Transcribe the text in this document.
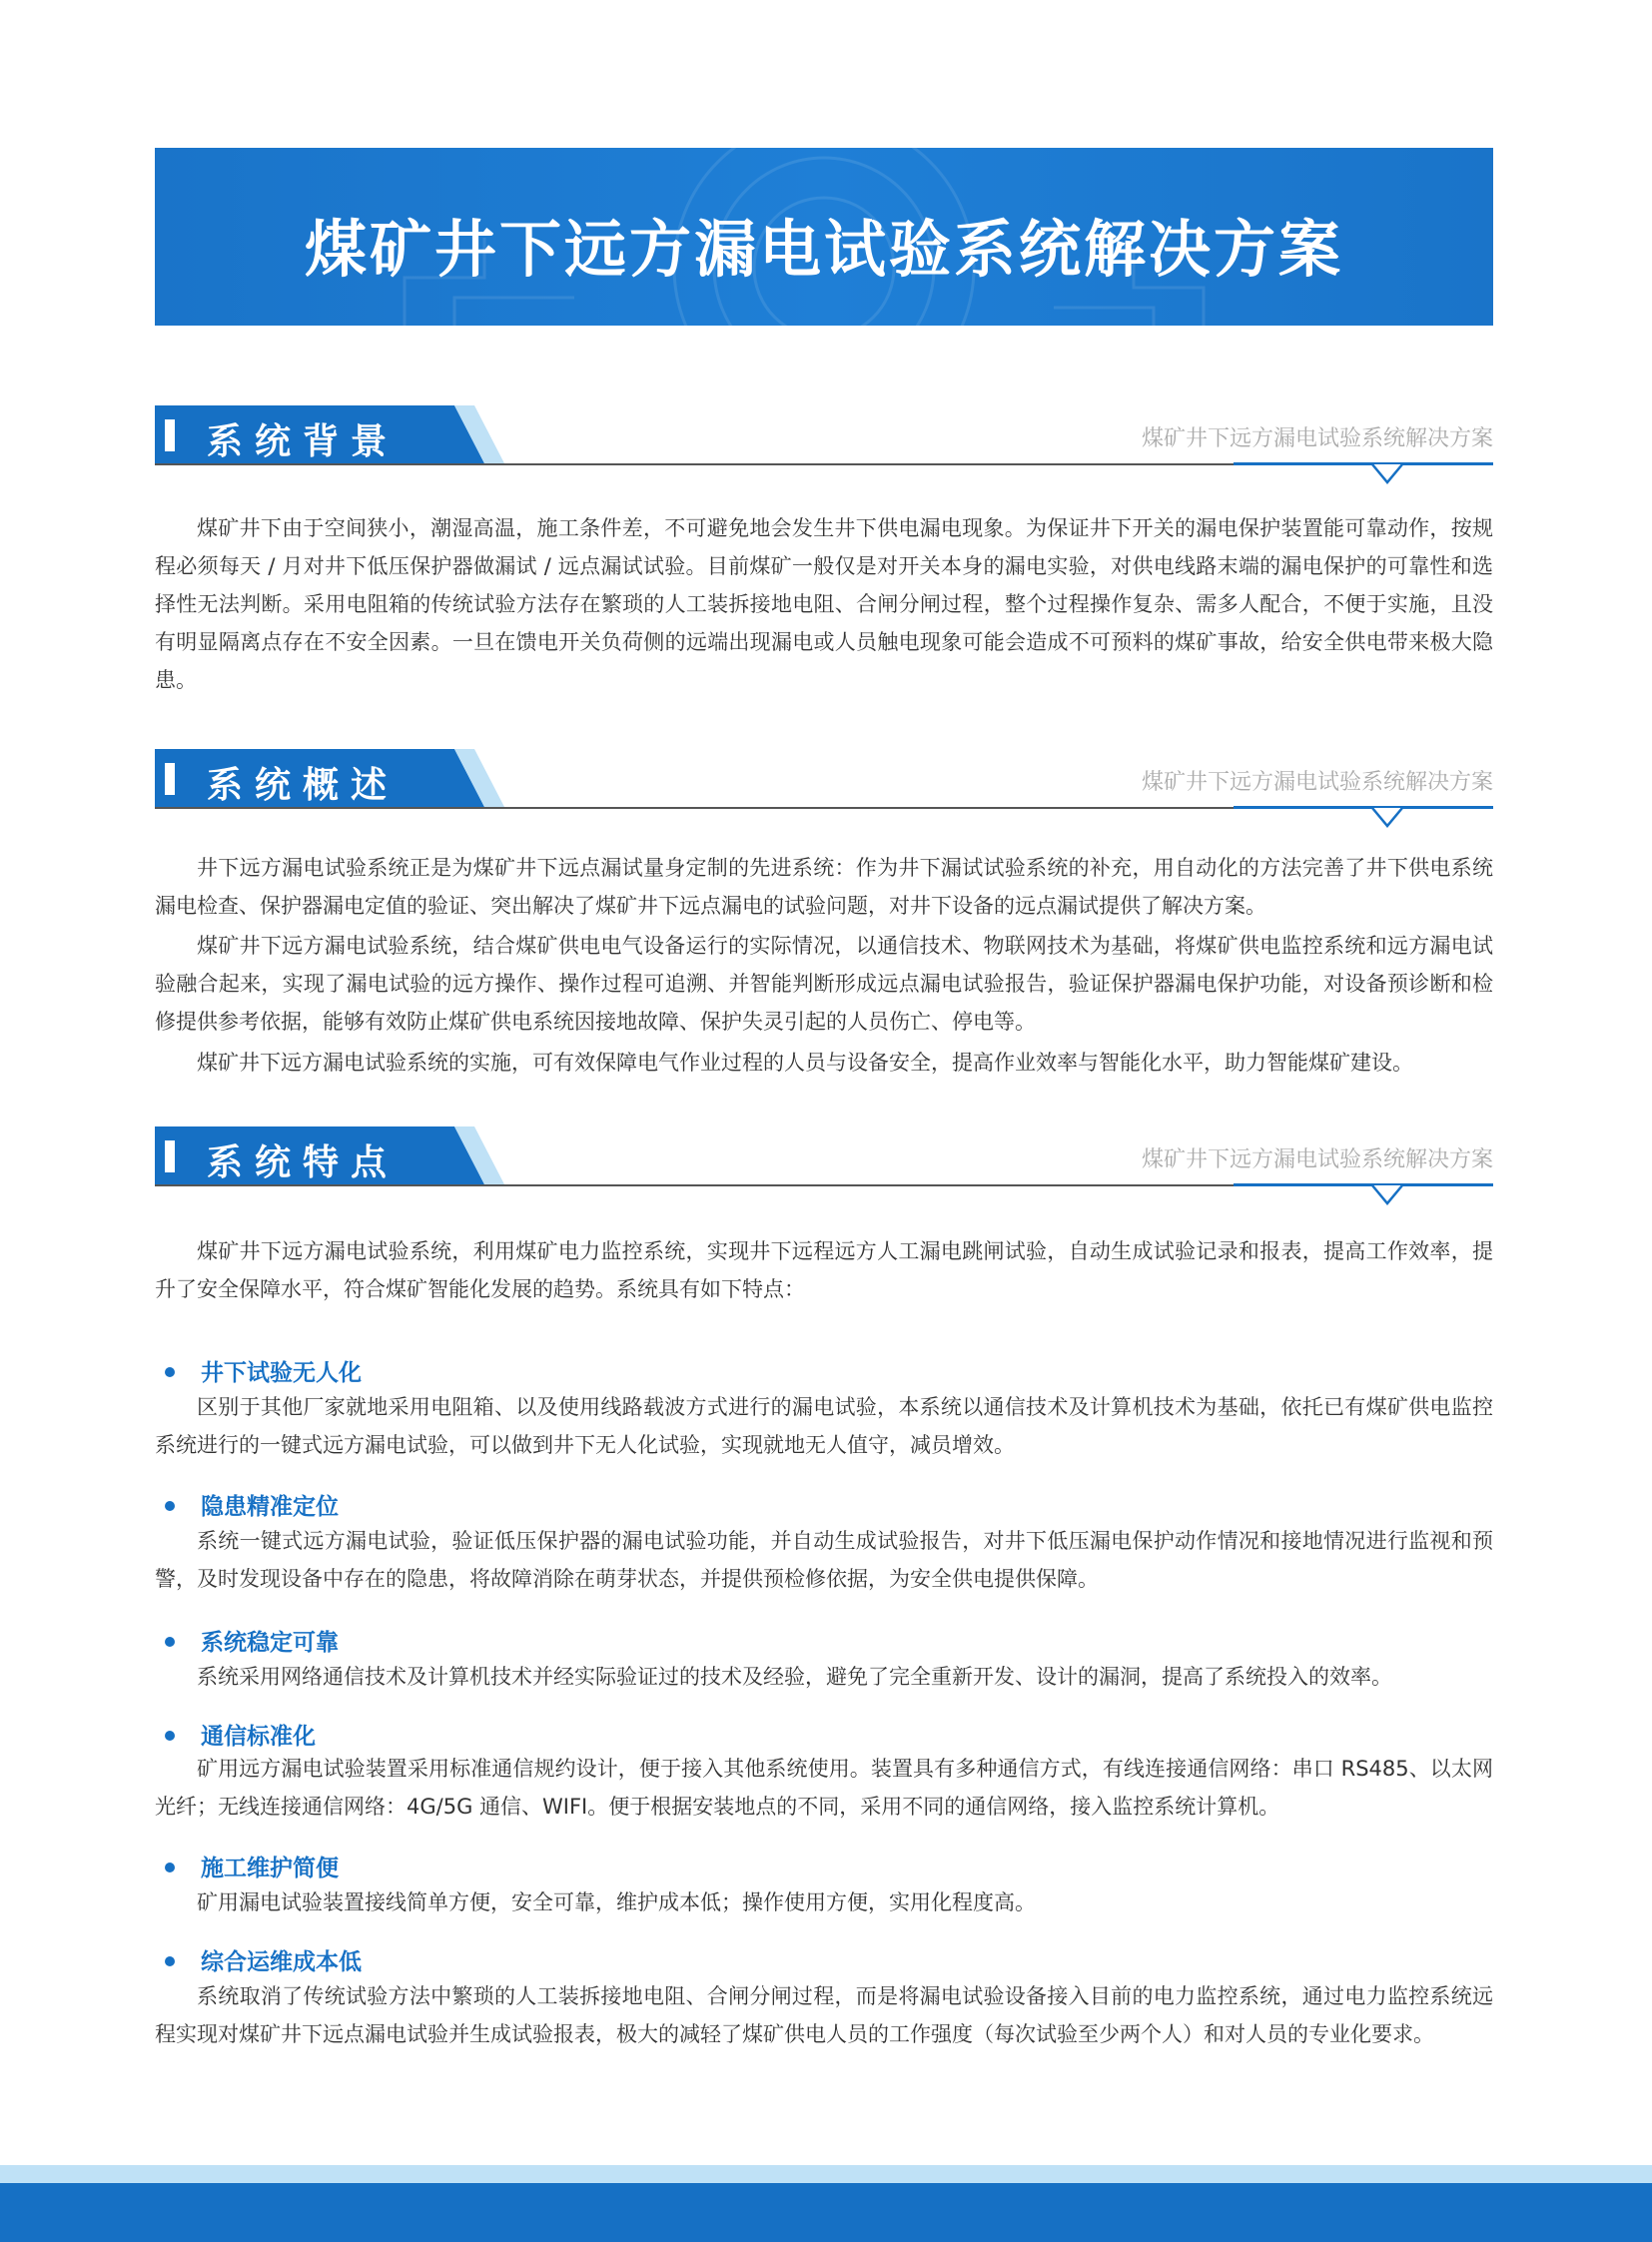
煤矿井下远方漏电试验系统解决方案
系统背景	煤矿井下远方漏电试验系统解决方案
煤矿井下由于空间狭小，潮湿高温，施工条件差，不可避免地会发生井下供电漏电现象。为保证井下开关的漏电保护装置能可靠动作，按规程必须每天 / 月对井下低压保护器做漏试 / 远点漏试试验。目前煤矿一般仅是对开关本身的漏电实验，对供电线路末端的漏电保护的可靠性和选择性无法判断。采用电阻箱的传统试验方法存在繁琐的人工装拆接地电阻、合闸分闸过程，整个过程操作复杂、需多人配合，不便于实施，且没有明显隔离点存在不安全因素。一旦在馈电开关负荷侧的远端出现漏电或人员触电现象可能会造成不可预料的煤矿事故，给安全供电带来极大隐患。
系统概述	煤矿井下远方漏电试验系统解决方案
井下远方漏电试验系统正是为煤矿井下远点漏试量身定制的先进系统：作为井下漏试试验系统的补充，用自动化的方法完善了井下供电系统漏电检查、保护器漏电定值的验证、突出解决了煤矿井下远点漏电的试验问题，对井下设备的远点漏试提供了解决方案。
煤矿井下远方漏电试验系统，结合煤矿供电电气设备运行的实际情况，以通信技术、物联网技术为基础，将煤矿供电监控系统和远方漏电试验融合起来，实现了漏电试验的远方操作、操作过程可追溯、并智能判断形成远点漏电试验报告，验证保护器漏电保护功能，对设备预诊断和检修提供参考依据，能够有效防止煤矿供电系统因接地故障、保护失灵引起的人员伤亡、停电等。
煤矿井下远方漏电试验系统的实施，可有效保障电气作业过程的人员与设备安全，提高作业效率与智能化水平，助力智能煤矿建设。
系统特点	煤矿井下远方漏电试验系统解决方案
煤矿井下远方漏电试验系统，利用煤矿电力监控系统，实现井下远程远方人工漏电跳闸试验，自动生成试验记录和报表，提高工作效率，提升了安全保障水平，符合煤矿智能化发展的趋势。系统具有如下特点：
井下试验无人化
区别于其他厂家就地采用电阻箱、以及使用线路载波方式进行的漏电试验，本系统以通信技术及计算机技术为基础，依托已有煤矿供电监控系统进行的一键式远方漏电试验，可以做到井下无人化试验，实现就地无人值守，减员增效。
隐患精准定位
系统一键式远方漏电试验，验证低压保护器的漏电试验功能，并自动生成试验报告，对井下低压漏电保护动作情况和接地情况进行监视和预警，及时发现设备中存在的隐患，将故障消除在萌芽状态，并提供预检修依据，为安全供电提供保障。
系统稳定可靠
系统采用网络通信技术及计算机技术并经实际验证过的技术及经验，避免了完全重新开发、设计的漏洞，提高了系统投入的效率。
通信标准化
矿用远方漏电试验装置采用标准通信规约设计，便于接入其他系统使用。装置具有多种通信方式，有线连接通信网络：串口 RS485、以太网光纤；无线连接通信网络：4G/5G 通信、WIFI。便于根据安装地点的不同，采用不同的通信网络，接入监控系统计算机。
施工维护简便
矿用漏电试验装置接线简单方便，安全可靠，维护成本低；操作使用方便，实用化程度高。
综合运维成本低
系统取消了传统试验方法中繁琐的人工装拆接地电阻、合闸分闸过程，而是将漏电试验设备接入目前的电力监控系统，通过电力监控系统远程实现对煤矿井下远点漏电试验并生成试验报表，极大的减轻了煤矿供电人员的工作强度（每次试验至少两个人）和对人员的专业化要求。
